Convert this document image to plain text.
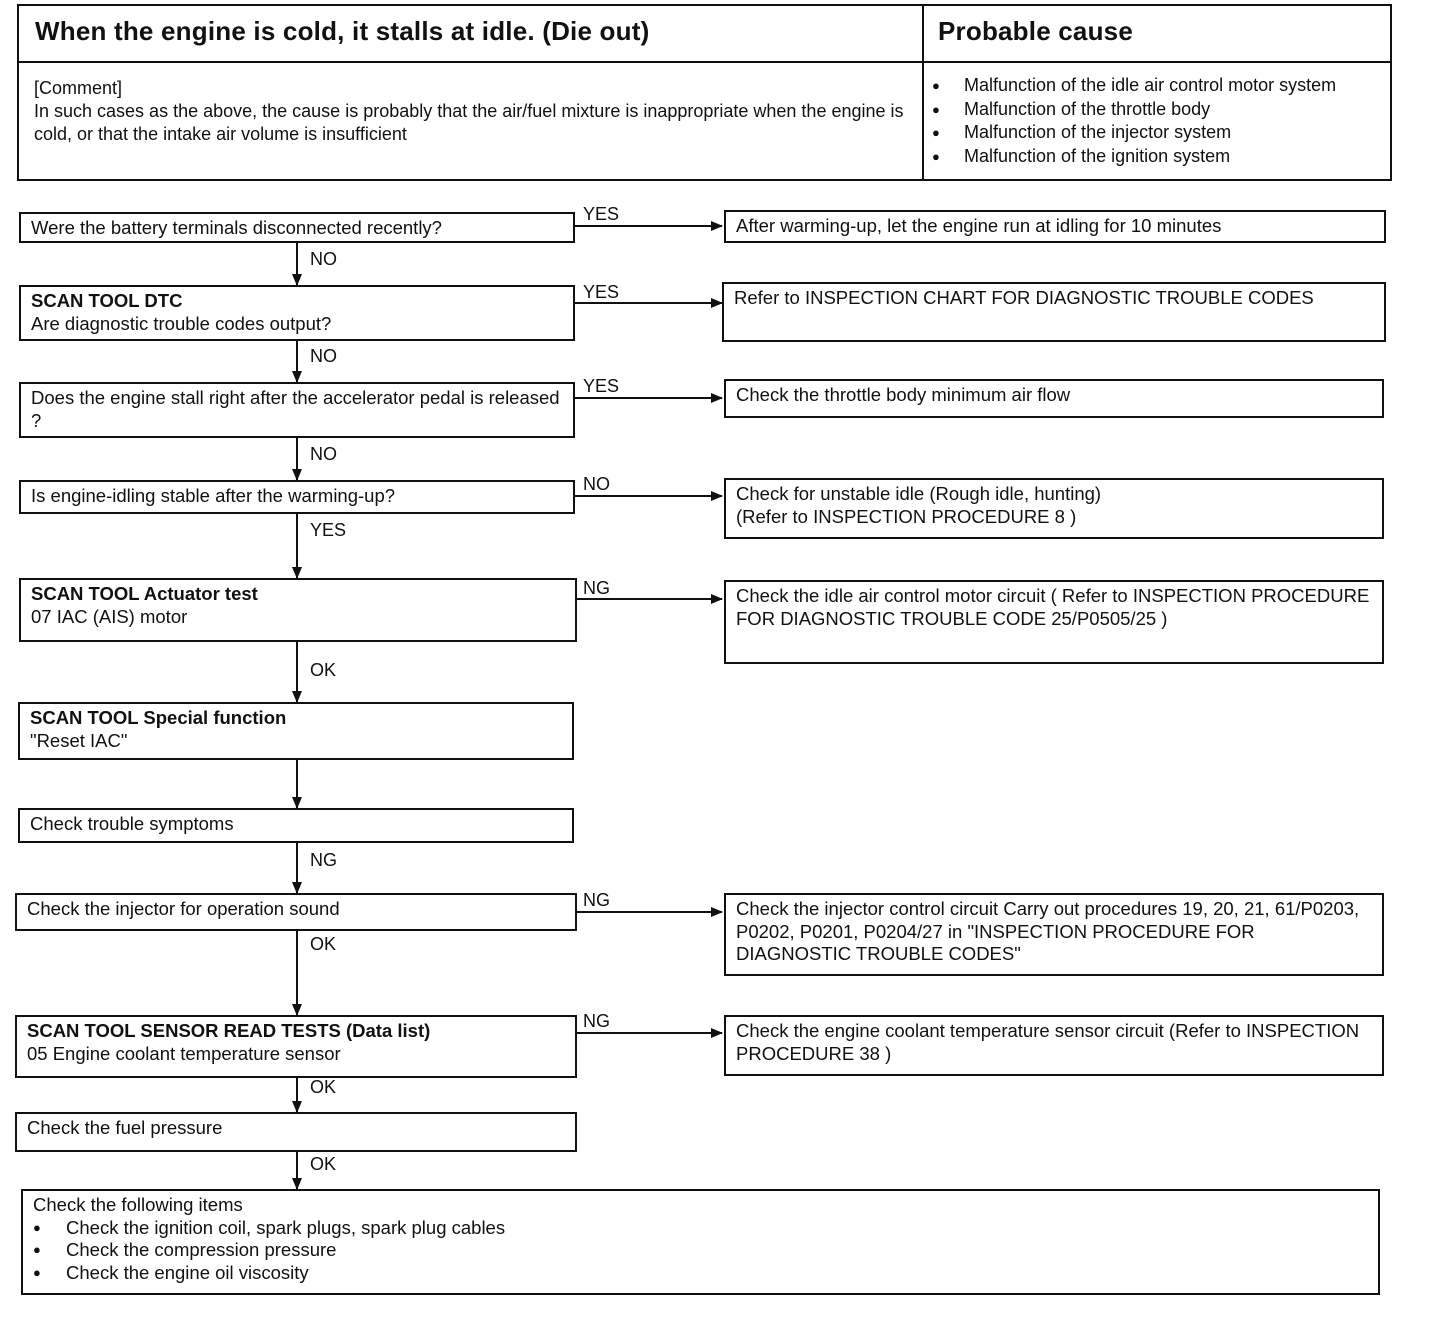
When the engine is cold, it stalls at idle. (Die out)	Probable cause
[Comment]
In such cases as the above, the cause is probably that the air/fuel mixture is inappropriate when the engine is cold, or that the intake air volume is insufficient
● Malfunction of the idle air control motor system
● Malfunction of the throttle body
● Malfunction of the injector system
● Malfunction of the ignition system
Were the battery terminals disconnected recently?
SCAN TOOL DTC
Are diagnostic trouble codes output?
Does the engine stall right after the accelerator pedal is released ?
Is engine-idling stable after the warming-up?
SCAN TOOL Actuator test
07 IAC (AIS) motor
SCAN TOOL Special function
"Reset IAC"
Check trouble symptoms
Check the injector for operation sound
SCAN TOOL SENSOR READ TESTS (Data list)
05 Engine coolant temperature sensor
Check the fuel pressure
Check the following items
● Check the ignition coil, spark plugs, spark plug cables
● Check the compression pressure
● Check the engine oil viscosity
After warming-up, let the engine run at idling for 10 minutes
Refer to INSPECTION CHART FOR DIAGNOSTIC TROUBLE CODES
Check the throttle body minimum air flow
Check for unstable idle (Rough idle, hunting)
(Refer to INSPECTION PROCEDURE 8 )
Check the idle air control motor circuit ( Refer to INSPECTION PROCEDURE FOR DIAGNOSTIC TROUBLE CODE 25/P0505/25 )
Check the injector control circuit Carry out procedures 19, 20, 21, 61/P0203, P0202, P0201, P0204/27 in "INSPECTION PROCEDURE FOR DIAGNOSTIC TROUBLE CODES"
Check the engine coolant temperature sensor circuit (Refer to INSPECTION PROCEDURE 38 )
YES
NO
YES
NO
YES
NO
NO
YES
NG
OK
NG
NG
OK
NG
OK
OK
